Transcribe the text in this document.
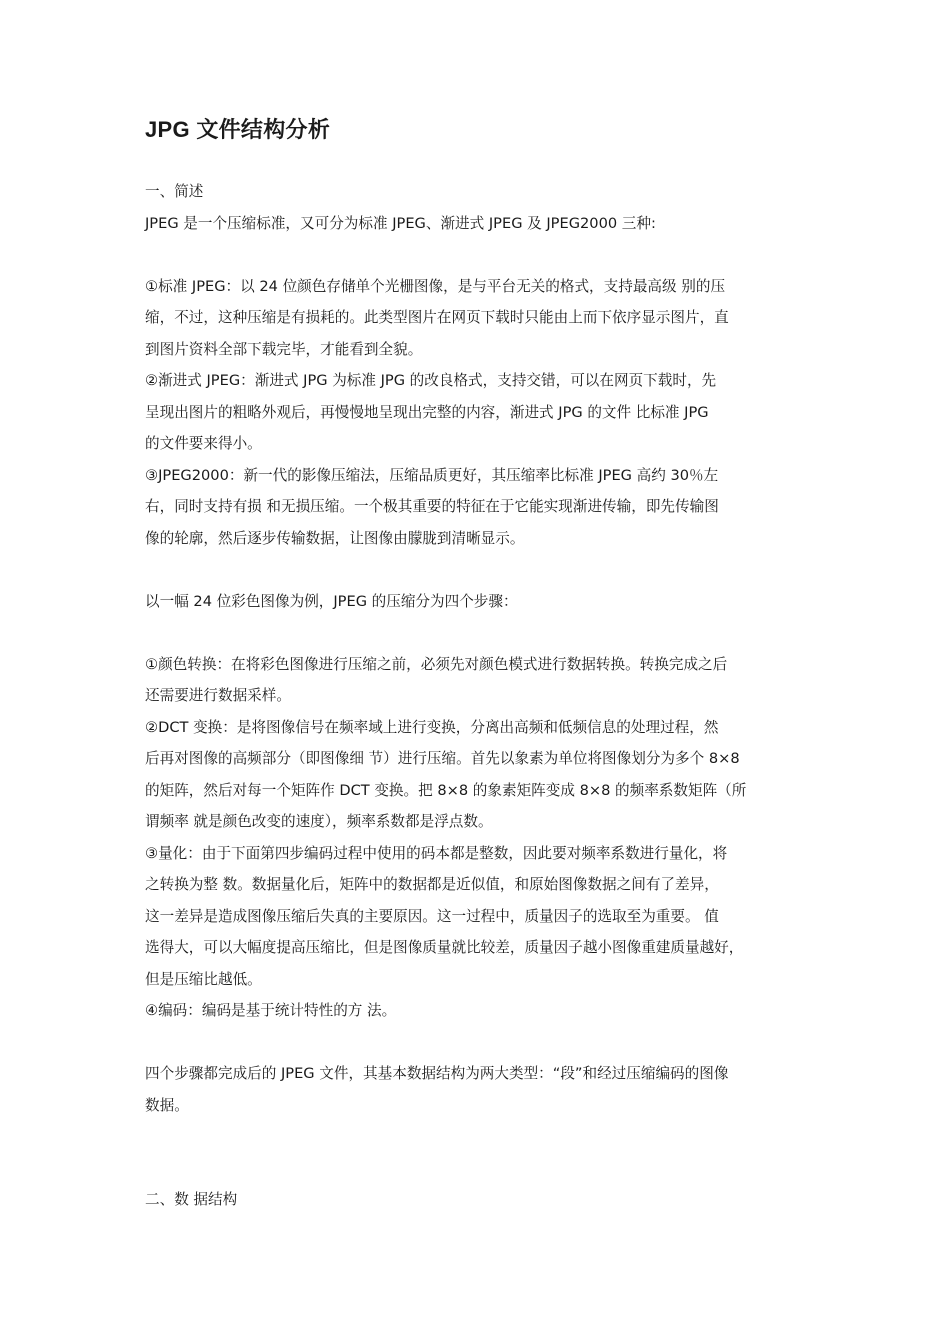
JPG 文件结构分析
一、简述
JPEG 是一个压缩标准，又可分为标准 JPEG、渐进式 JPEG 及 JPEG2000 三种:
①标准 JPEG：以 24 位颜色存储单个光栅图像，是与平台无关的格式，支持最高级 别的压
缩，不过，这种压缩是有损耗的。此类型图片在网页下载时只能由上而下依序显示图片，直
到图片资料全部下载完毕，才能看到全貌。
②渐进式 JPEG：渐进式 JPG 为标准 JPG 的改良格式，支持交错，可以在网页下载时，先
呈现出图片的粗略外观后，再慢慢地呈现出完整的内容，渐进式 JPG 的文件 比标准 JPG
的文件要来得小。
③JPEG2000：新一代的影像压缩法，压缩品质更好，其压缩率比标准 JPEG 高约 30％左
右，同时支持有损 和无损压缩。一个极其重要的特征在于它能实现渐进传输，即先传输图
像的轮廓，然后逐步传输数据，让图像由朦胧到清晰显示。
以一幅 24 位彩色图像为例，JPEG 的压缩分为四个步骤：
①颜色转换：在将彩色图像进行压缩之前，必须先对颜色模式进行数据转换。转换完成之后
还需要进行数据采样。
②DCT 变换：是将图像信号在频率域上进行变换，分离出高频和低频信息的处理过程，然
后再对图像的高频部分（即图像细 节）进行压缩。首先以象素为单位将图像划分为多个 8×8
的矩阵，然后对每一个矩阵作 DCT 变换。把 8×8 的象素矩阵变成 8×8 的频率系数矩阵（所
谓频率 就是颜色改变的速度），频率系数都是浮点数。
③量化：由于下面第四步编码过程中使用的码本都是整数，因此要对频率系数进行量化，将
之转换为整 数。数据量化后，矩阵中的数据都是近似值，和原始图像数据之间有了差异，
这一差异是造成图像压缩后失真的主要原因。这一过程中，质量因子的选取至为重要。 值
选得大，可以大幅度提高压缩比，但是图像质量就比较差，质量因子越小图像重建质量越好，
但是压缩比越低。
④编码：编码是基于统计特性的方 法。
四个步骤都完成后的 JPEG 文件，其基本数据结构为两大类型：“段”和经过压缩编码的图像
数据。
二、数 据结构
